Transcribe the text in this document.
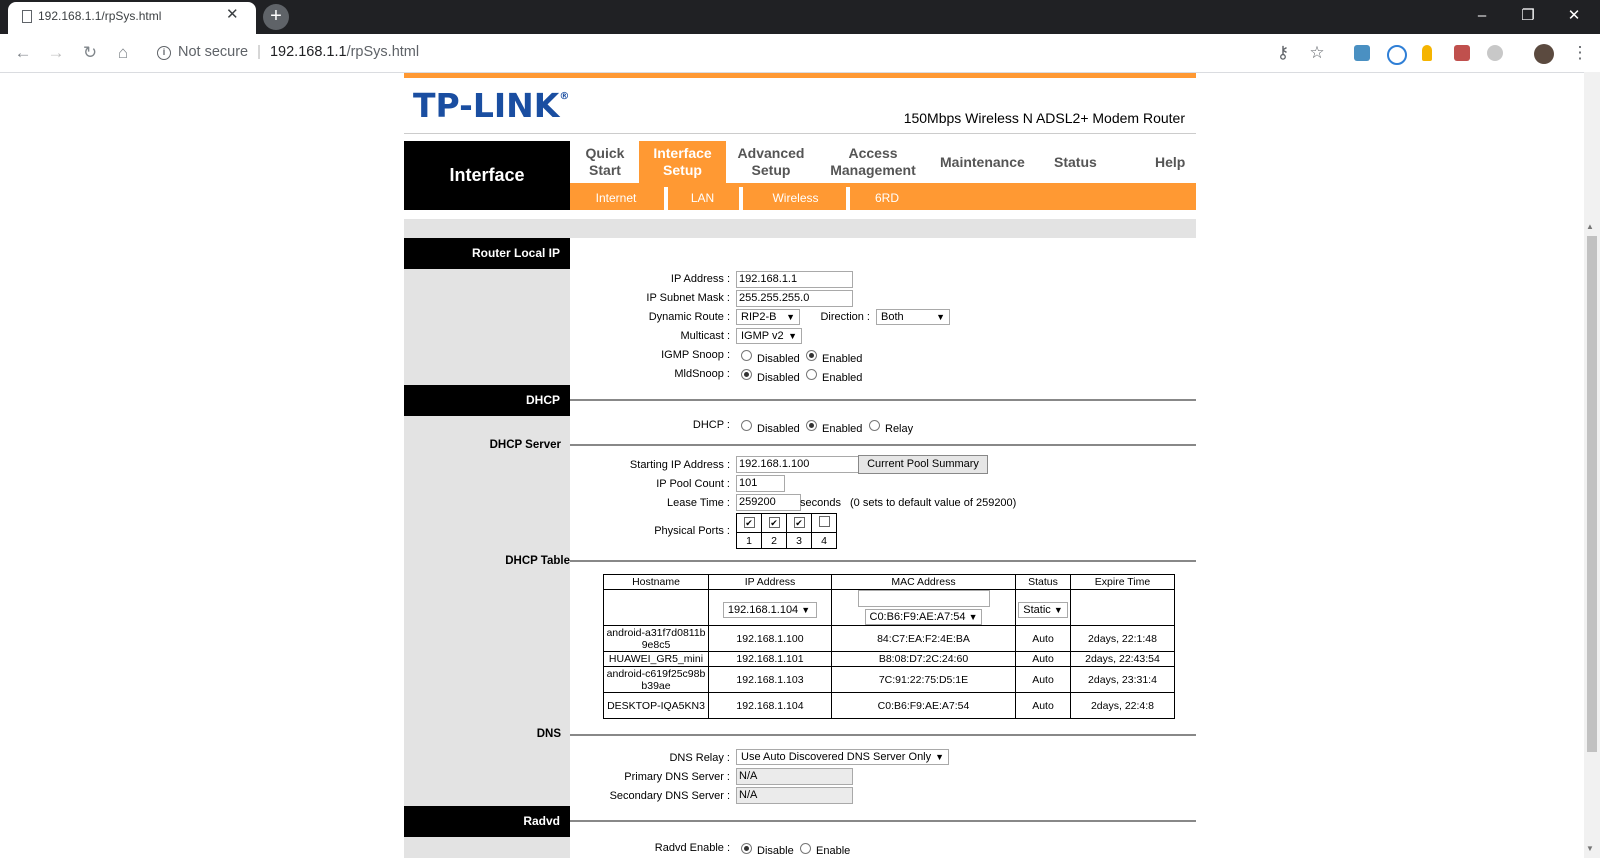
192.168.1.1/rpSys.html	✕	+	–	❐	✕
← → ↻ ⌂	i Not secure | 192.168.1.1/rpSys.html	⚷ ☆	⋮
TP-LINK®
150Mbps Wireless N ADSL2+ Modem Router
Interface
Quick Start
Interface Setup
Advanced Setup
Access Management	Maintenance Status	Help
Internet	LAN	Wireless	6RD
Router Local IP
IP Address : 192.168.1.1
IP Subnet Mask : 255.255.255.0
Dynamic Route :	RIP2-B ▼	Direction :	Both	▼
Multicast :	IGMP v2 ▼
IGMP Snoop : Disabled Enabled
MldSnoop : Disabled Enabled
DHCP
DHCP : Disabled Enabled Relay
DHCP Server
Starting IP Address : 192.168.1.100	Current Pool Summary
IP Pool Count : 101
Lease Time : 259200	seconds (0 sets to default value of 259200)
Physical Ports :
✔	✔	✔	
1	2	3	4
DHCP Table
Hostname	IP Address	MAC Address	Status	Expire Time
	192.168.1.104 ▼	C0:B6:F9:AE:A7:54 ▼	Static ▼	
android-a31f7d0811b9e8c5	192.168.1.100	84:C7:EA:F2:4E:BA	Auto	2days, 22:1:48
HUAWEI_GR5_mini	192.168.1.101	B8:08:D7:2C:24:60	Auto	2days, 22:43:54
android-c619f25c98bb39ae	192.168.1.103	7C:91:22:75:D5:1E	Auto	2days, 23:31:4
DESKTOP-IQA5KN3	192.168.1.104	C0:B6:F9:AE:A7:54	Auto	2days, 22:4:8
DNS
DNS Relay :	Use Auto Discovered DNS Server Only ▼
Primary DNS Server : N/A
Secondary DNS Server : N/A
Radvd
Radvd Enable : Disable Enable
▲
▼
